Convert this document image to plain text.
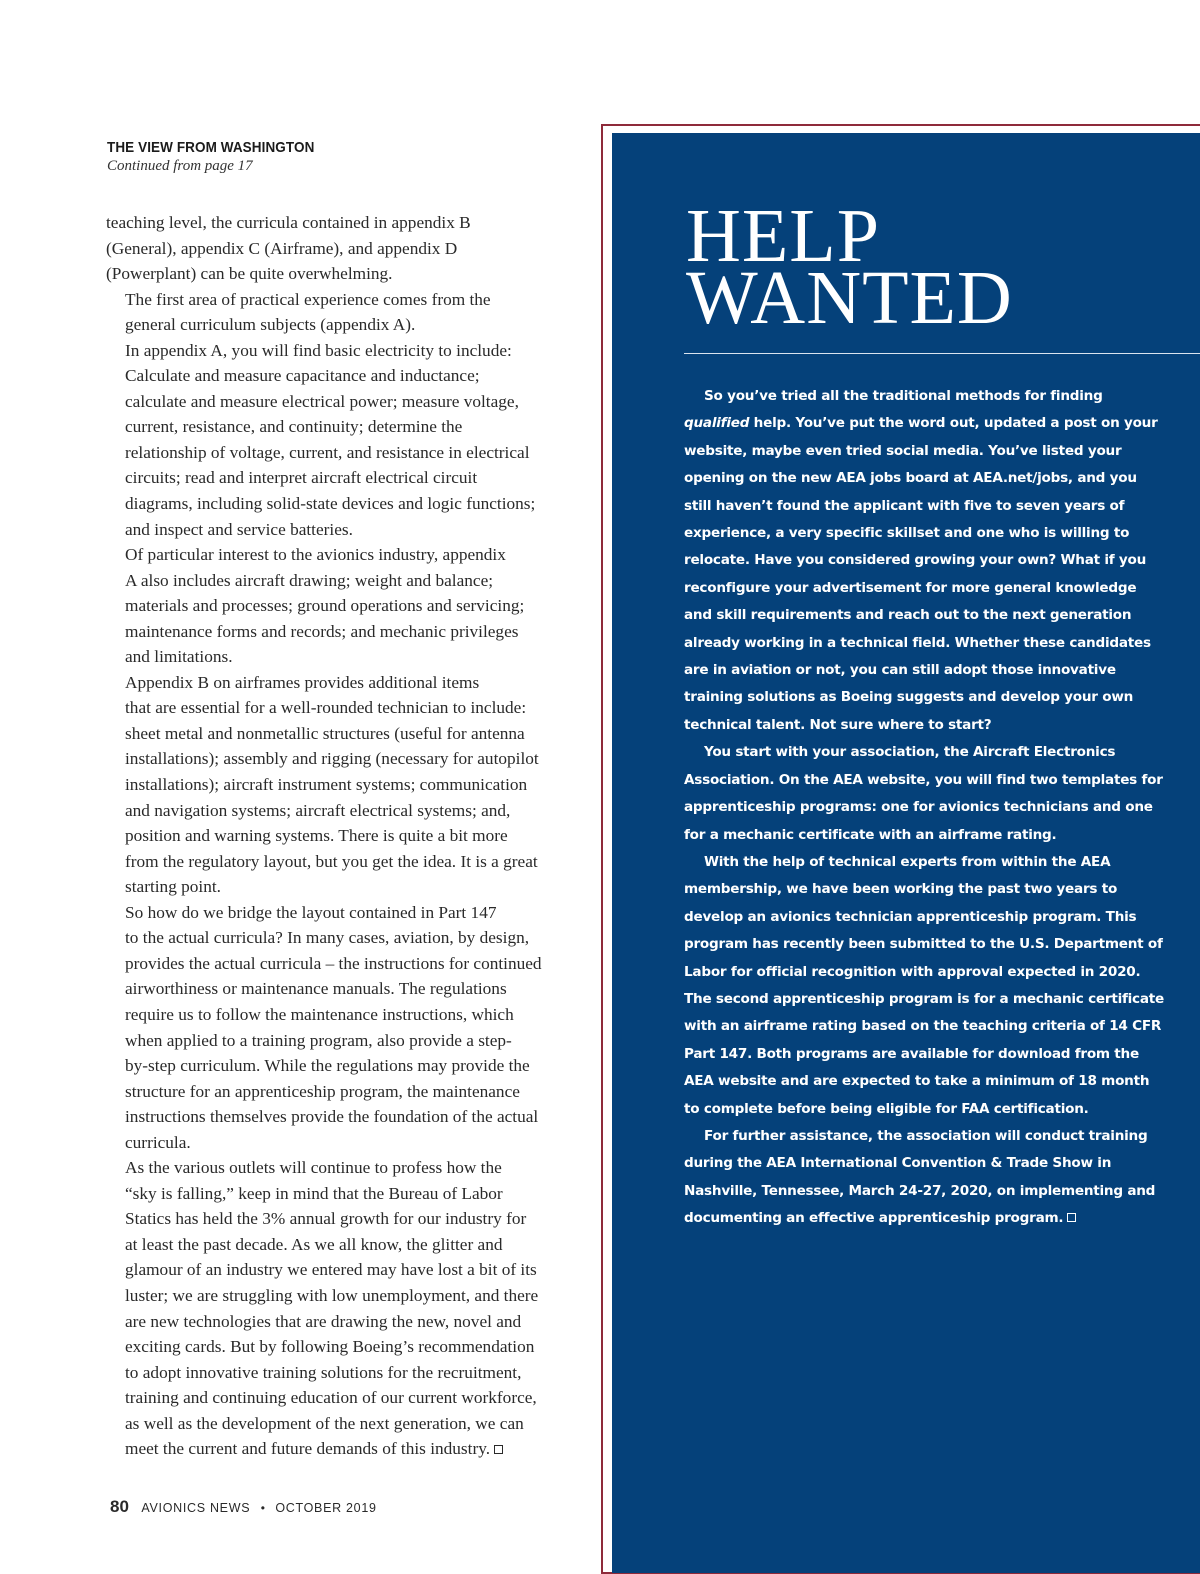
THE VIEW FROM WASHINGTON
Continued from page 17

teaching level, the curricula contained in appendix B
(General), appendix C (Airframe), and appendix D
(Powerplant) can be quite overwhelming.

The first area of practical experience comes from the
general curriculum subjects (appendix A).

In appendix A, you will find basic electricity to include:
Calculate and measure capacitance and inductance;
calculate and measure electrical power; measure voltage,
current, resistance, and continuity; determine the
relationship of voltage, current, and resistance in electrical
circuits; read and interpret aircraft electrical circuit
diagrams, including solid-state devices and logic functions;
and inspect and service batteries.

Of particular interest to the avionics industry, appendix
A also includes aircraft drawing; weight and balance;
materials and processes; ground operations and servicing;
maintenance forms and records; and mechanic privileges
and limitations.

Appendix B on airframes provides additional items
that are essential for a well-rounded technician to include:
sheet metal and nonmetallic structures (useful for antenna
installations); assembly and rigging (necessary for autopilot
installations); aircraft instrument systems; communication
and navigation systems; aircraft electrical systems; and,
position and warning systems. There is quite a bit more
from the regulatory layout, but you get the idea. It is a great
starting point.

So how do we bridge the layout contained in Part 147
to the actual curricula? In many cases, aviation, by design,
provides the actual curricula – the instructions for continued
airworthiness or maintenance manuals. The regulations
require us to follow the maintenance instructions, which
when applied to a training program, also provide a step-
by-step curriculum. While the regulations may provide the
structure for an apprenticeship program, the maintenance
instructions themselves provide the foundation of the actual
curricula.

As the various outlets will continue to profess how the
“sky is falling,” keep in mind that the Bureau of Labor
Statics has held the 3% annual growth for our industry for
at least the past decade. As we all know, the glitter and
glamour of an industry we entered may have lost a bit of its
luster; we are struggling with low unemployment, and there
are new technologies that are drawing the new, novel and
exciting cards. But by following Boeing’s recommendation
to adopt innovative training solutions for the recruitment,
training and continuing education of our current workforce,
as well as the development of the next generation, we can
meet the current and future demands of this industry.

HELP
WANTED

So you’ve tried all the traditional methods for finding qualified help. You’ve put the word out, updated a post on your website, maybe even tried social media. You’ve listed your opening on the new AEA jobs board at AEA.net/jobs, and you still haven’t found the applicant with five to seven years of experience, a very specific skillset and one who is willing to relocate. Have you considered growing your own? What if you reconfigure your advertisement for more general knowledge and skill requirements and reach out to the next generation already working in a technical field. Whether these candidates are in aviation or not, you can still adopt those innovative training solutions as Boeing suggests and develop your own technical talent. Not sure where to start?

You start with your association, the Aircraft Electronics Association. On the AEA website, you will find two templates for apprenticeship programs: one for avionics technicians and one for a mechanic certificate with an airframe rating.

With the help of technical experts from within the AEA membership, we have been working the past two years to develop an avionics technician apprenticeship program. This program has recently been submitted to the U.S. Department of Labor for official recognition with approval expected in 2020. The second apprenticeship program is for a mechanic certificate with an airframe rating based on the teaching criteria of 14 CFR Part 147. Both programs are available for download from the AEA website and are expected to take a minimum of 18 month to complete before being eligible for FAA certification.

For further assistance, the association will conduct training during the AEA International Convention & Trade Show in Nashville, Tennessee, March 24-27, 2020, on implementing and documenting an effective apprenticeship program.

80 AVIONICS NEWS • OCTOBER 2019
